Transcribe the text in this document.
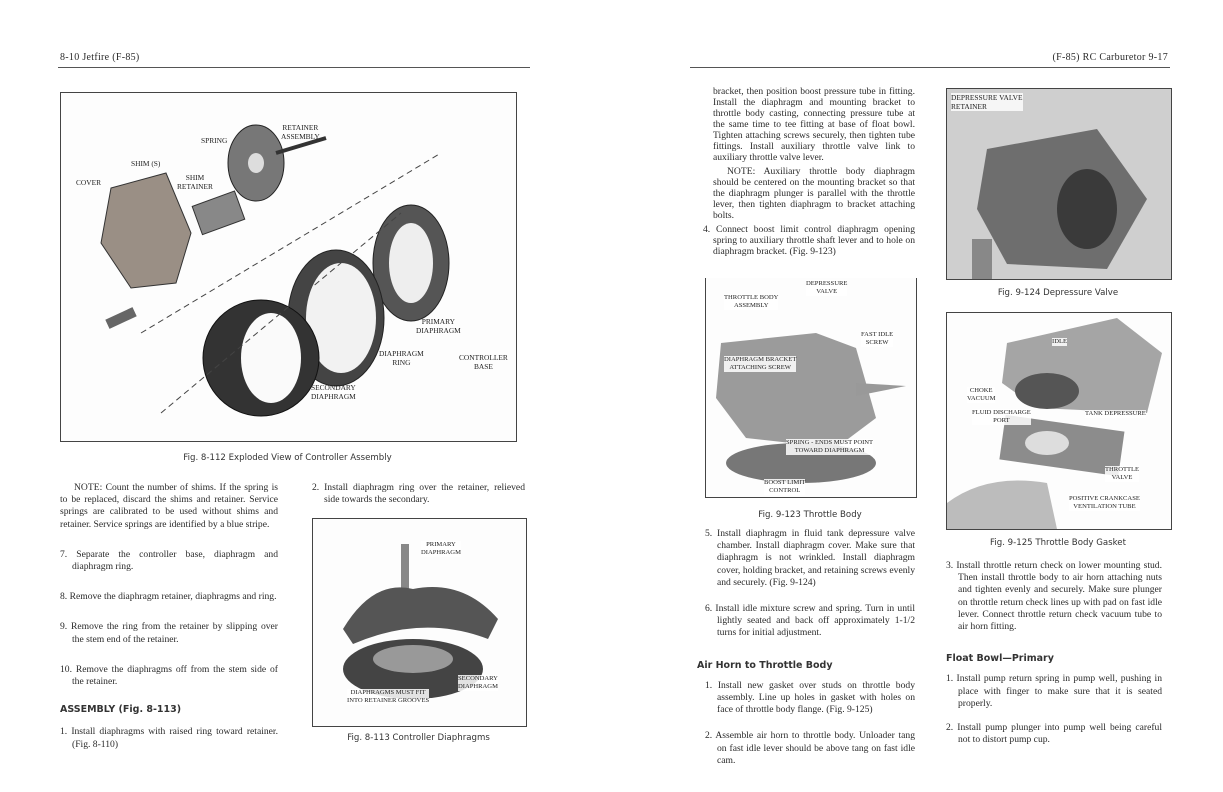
8-10 Jetfire (F-85)
RETAINER
ASSEMBLY
SPRING
SHIM (S)
SHIM
RETAINER
COVER
PRIMARY
DIAPHRAGM
DIAPHRAGM
RING
CONTROLLER
BASE
SECONDARY
DIAPHRAGM
Fig. 8-112 Exploded View of Controller Assembly

NOTE: Count the number of shims. If the spring is to be replaced, discard the shims and retainer. Service springs are calibrated to be used without shims and retainer. Service springs are identified by a blue stripe.

7. Separate the controller base, diaphragm and diaphragm ring.

8. Remove the diaphragm retainer, diaphragms and ring.

9. Remove the ring from the retainer by slipping over the stem end of the retainer.

10. Remove the diaphragms off from the stem side of the retainer.

ASSEMBLY (Fig. 8-113)

1. Install diaphragms with raised ring toward retainer. (Fig. 8-110)

2. Install diaphragm ring over the retainer, relieved side towards the secondary.

PRIMARY
DIAPHRAGM
SECONDARY
DIAPHRAGM
DIAPHRAGMS MUST FIT
INTO RETAINER GROOVES
Fig. 8-113 Controller Diaphragms
(F-85) RC Carburetor 9-17

bracket, then position boost pressure tube in fitting. Install the diaphragm and mounting bracket to throttle body casting, connecting pressure tube at the same time to tee fitting at base of float bowl. Tighten attaching screws securely, then tighten tube fittings. Install auxiliary throttle valve link to auxiliary throttle valve lever.

NOTE: Auxiliary throttle body diaphragm should be centered on the mounting bracket so that the diaphragm plunger is parallel with the throttle lever, then tighten diaphragm to bracket attaching bolts.

4. Connect boost limit control diaphragm opening spring to auxiliary throttle shaft lever and to hole on diaphragm bracket. (Fig. 9-123)

DEPRESSURE
VALVE
THROTTLE BODY
ASSEMBLY
FAST IDLE
SCREW
DIAPHRAGM BRACKET
ATTACHING SCREW
SPRING - ENDS MUST POINT
TOWARD DIAPHRAGM
BOOST LIMIT
CONTROL
Fig. 9-123 Throttle Body

5. Install diaphragm in fluid tank depressure valve chamber. Install diaphragm cover. Make sure that diaphragm is not wrinkled. Install diaphragm cover, holding bracket, and retaining screws evenly and securely. (Fig. 9-124)

6. Install idle mixture screw and spring. Turn in until lightly seated and back off approximately 1-1/2 turns for initial adjustment.

Air Horn to Throttle Body

1. Install new gasket over studs on throttle body assembly. Line up holes in gasket with holes on face of throttle body flange. (Fig. 9-125)

2. Assemble air horn to throttle body. Unloader tang on fast idle lever should be above tang on fast idle cam.

DEPRESSURE VALVE
RETAINER
Fig. 9-124 Depressure Valve
IDLE
CHOKE
VACUUM
FLUID DISCHARGE
PORT
TANK DEPRESSURE
THROTTLE
VALVE
POSITIVE CRANKCASE
VENTILATION TUBE
Fig. 9-125 Throttle Body Gasket

3. Install throttle return check on lower mounting stud. Then install throttle body to air horn attaching nuts and tighten evenly and securely. Make sure plunger on throttle return check lines up with pad on fast idle lever. Connect throttle return check vacuum tube to air horn fitting.

Float Bowl—Primary

1. Install pump return spring in pump well, pushing in place with finger to make sure that it is seated properly.

2. Install pump plunger into pump well being careful not to distort pump cup.
